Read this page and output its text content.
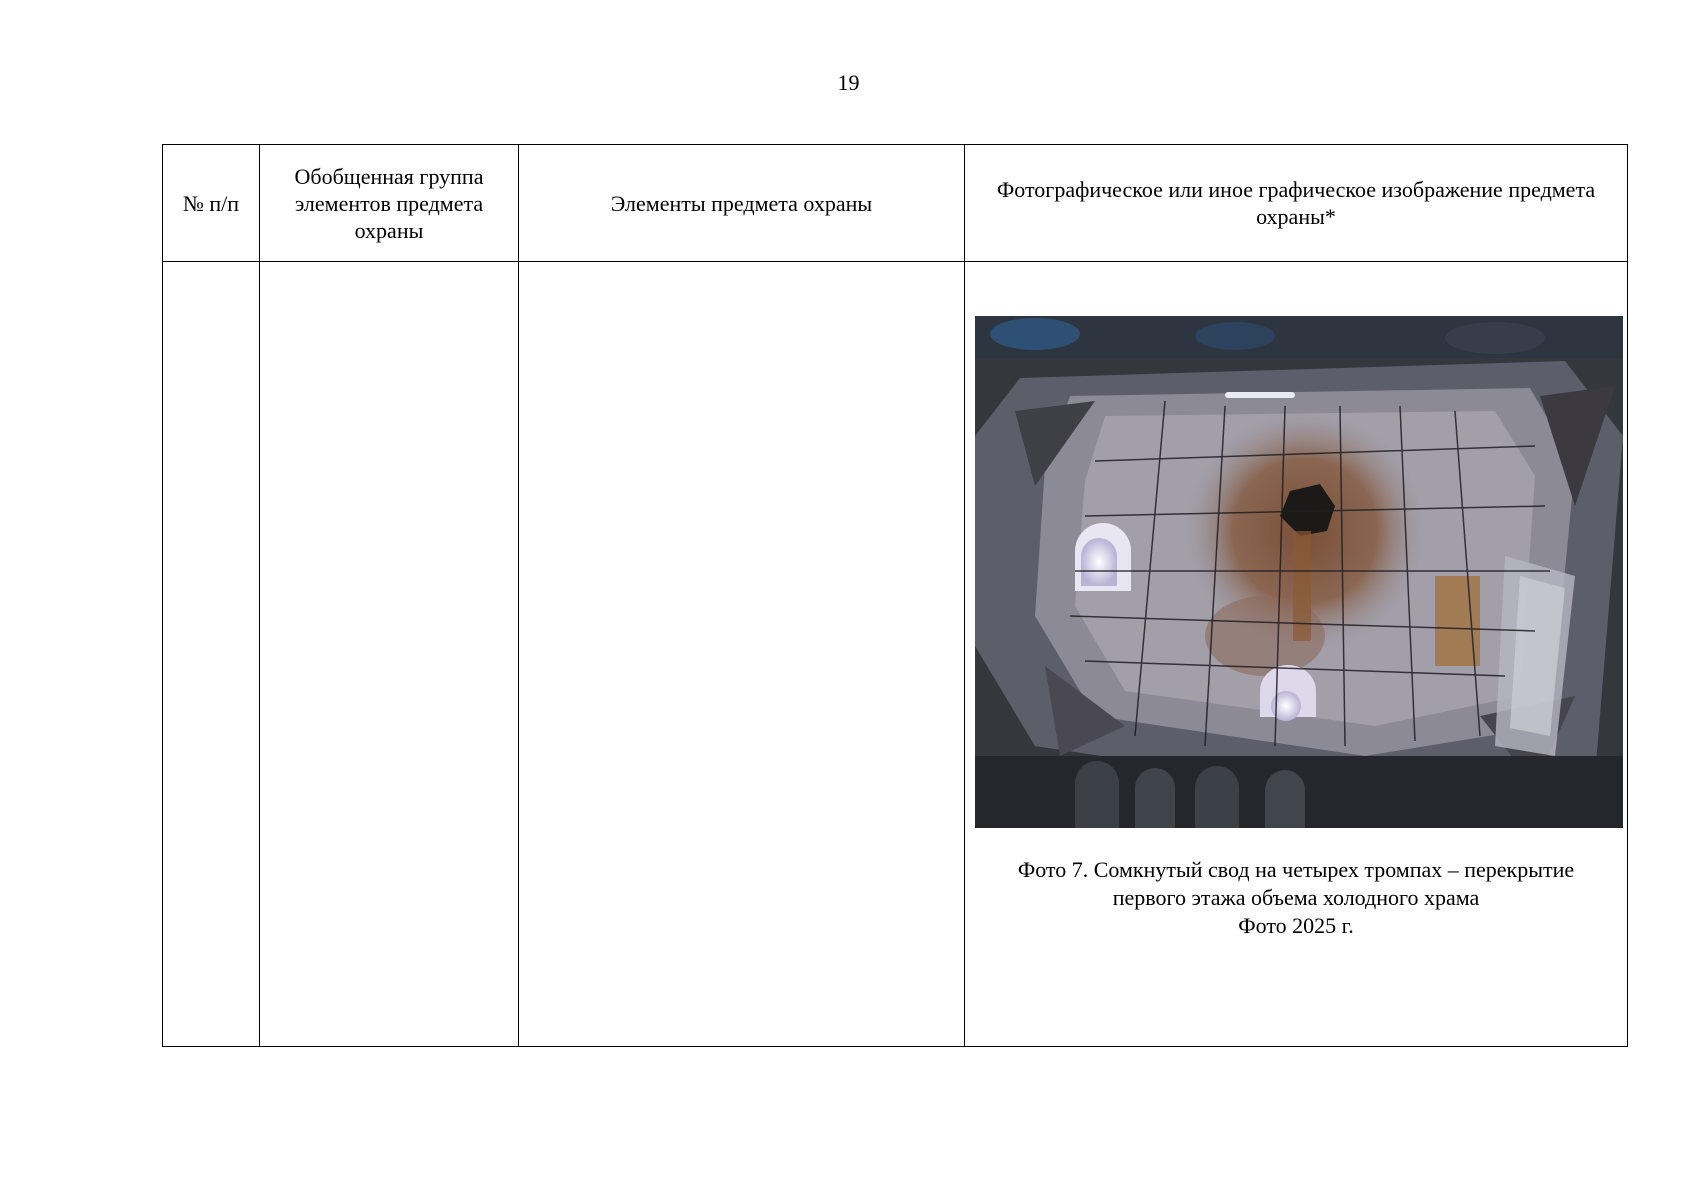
19
№ п/п	Обобщенная группа элементов предмета охраны	Элементы предмета охраны	Фотографическое или иное графическое изображение предмета охраны*

			Фото 7. Сомкнутый свод на четырех тромпах – перекрытие
первого этажа объема холодного храма
Фото 2025 г.
